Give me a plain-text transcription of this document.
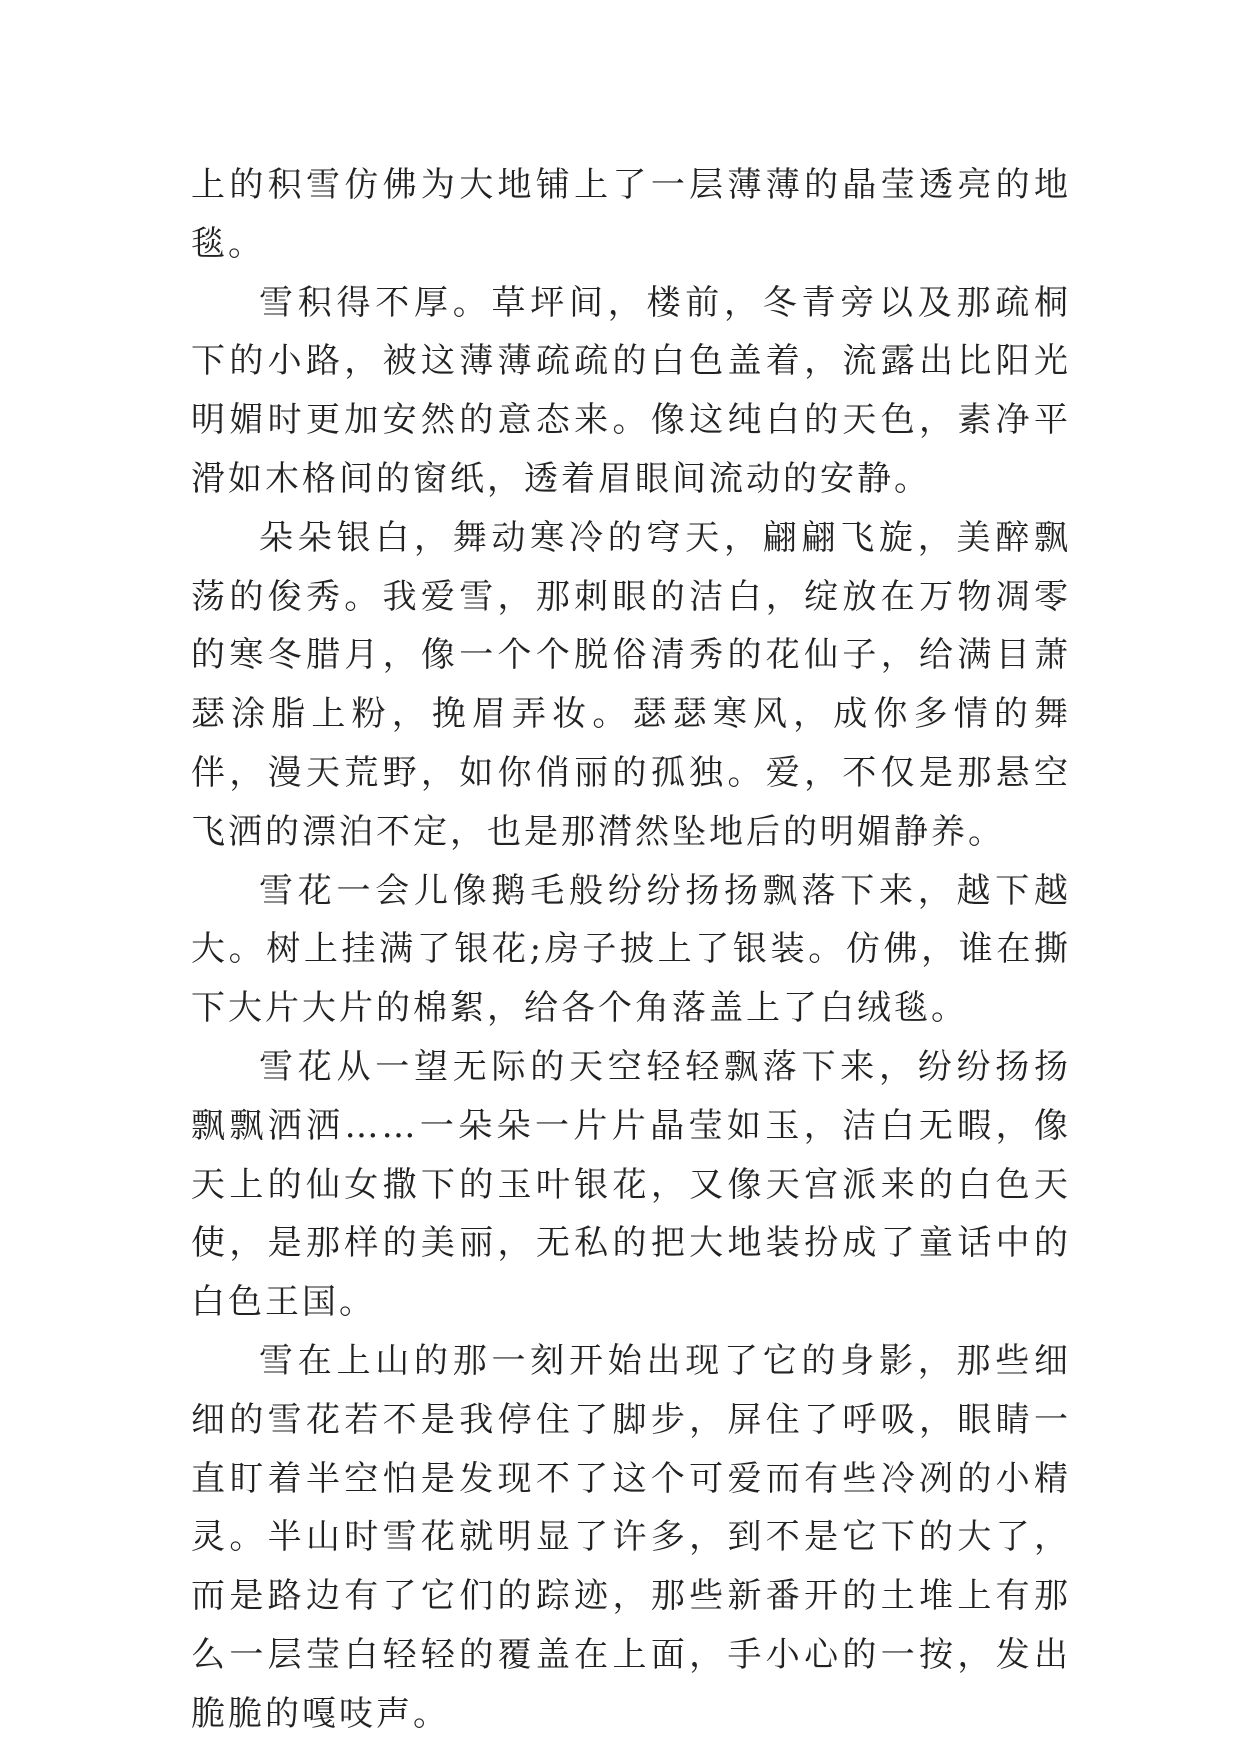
上的积雪仿佛为大地铺上了一层薄薄的晶莹透亮的地毯。

雪积得不厚。草坪间，楼前，冬青旁以及那疏桐下的小路，被这薄薄疏疏的白色盖着，流露出比阳光明媚时更加安然的意态来。像这纯白的天色，素净平滑如木格间的窗纸，透着眉眼间流动的安静。

朵朵银白，舞动寒冷的穹天，翩翩飞旋，美醉飘荡的俊秀。我爱雪，那刺眼的洁白，绽放在万物凋零的寒冬腊月，像一个个脱俗清秀的花仙子，给满目萧瑟涂脂上粉，挽眉弄妆。瑟瑟寒风，成你多情的舞伴，漫天荒野，如你俏丽的孤独。爱，不仅是那悬空飞洒的漂泊不定，也是那潸然坠地后的明媚静养。

雪花一会儿像鹅毛般纷纷扬扬飘落下来，越下越大。树上挂满了银花;房子披上了银装。仿佛，谁在撕下大片大片的棉絮，给各个角落盖上了白绒毯。

雪花从一望无际的天空轻轻飘落下来，纷纷扬扬飘飘洒洒……一朵朵一片片晶莹如玉，洁白无暇，像天上的仙女撒下的玉叶银花，又像天宫派来的白色天使，是那样的美丽，无私的把大地装扮成了童话中的白色王国。

雪在上山的那一刻开始出现了它的身影，那些细细的雪花若不是我停住了脚步，屏住了呼吸，眼睛一直盯着半空怕是发现不了这个可爱而有些冷冽的小精灵。半山时雪花就明显了许多，到不是它下的大了，而是路边有了它们的踪迹，那些新番开的土堆上有那么一层莹白轻轻的覆盖在上面，手小心的一按，发出脆脆的嘎吱声。
